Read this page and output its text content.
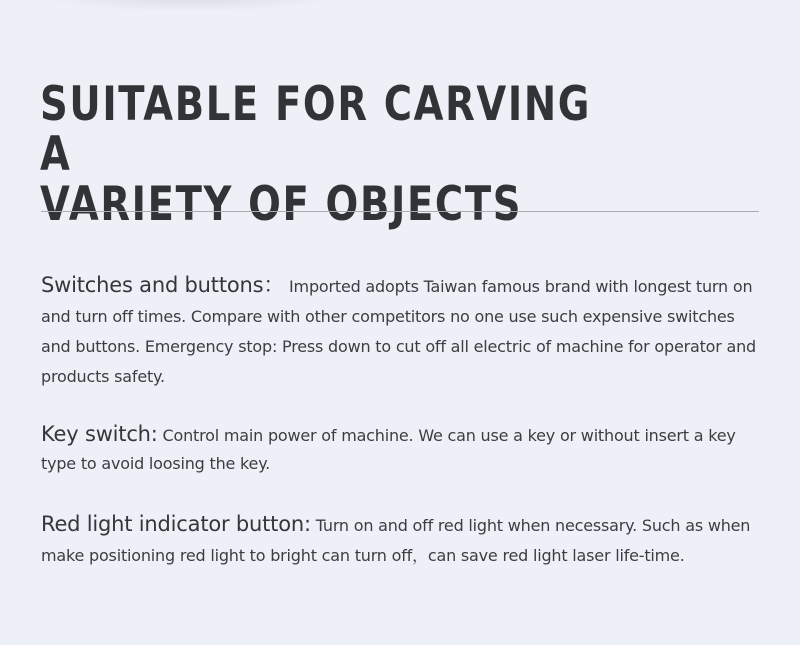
SUITABLE FOR CARVING A
VARIETY OF OBJECTS

Switches and buttons： Imported adopts Taiwan famous brand with longest turn on and turn off times. Compare with other competitors no one use such expensive switches and buttons. Emergency stop: Press down to cut off all electric of machine for operator and products safety.

Key switch: Control main power of machine. We can use a key or without insert a key type to avoid loosing the key.

Red light indicator button: Turn on and off red light when necessary. Such as when make positioning red light to bright can turn off，can save red light laser life-time.
